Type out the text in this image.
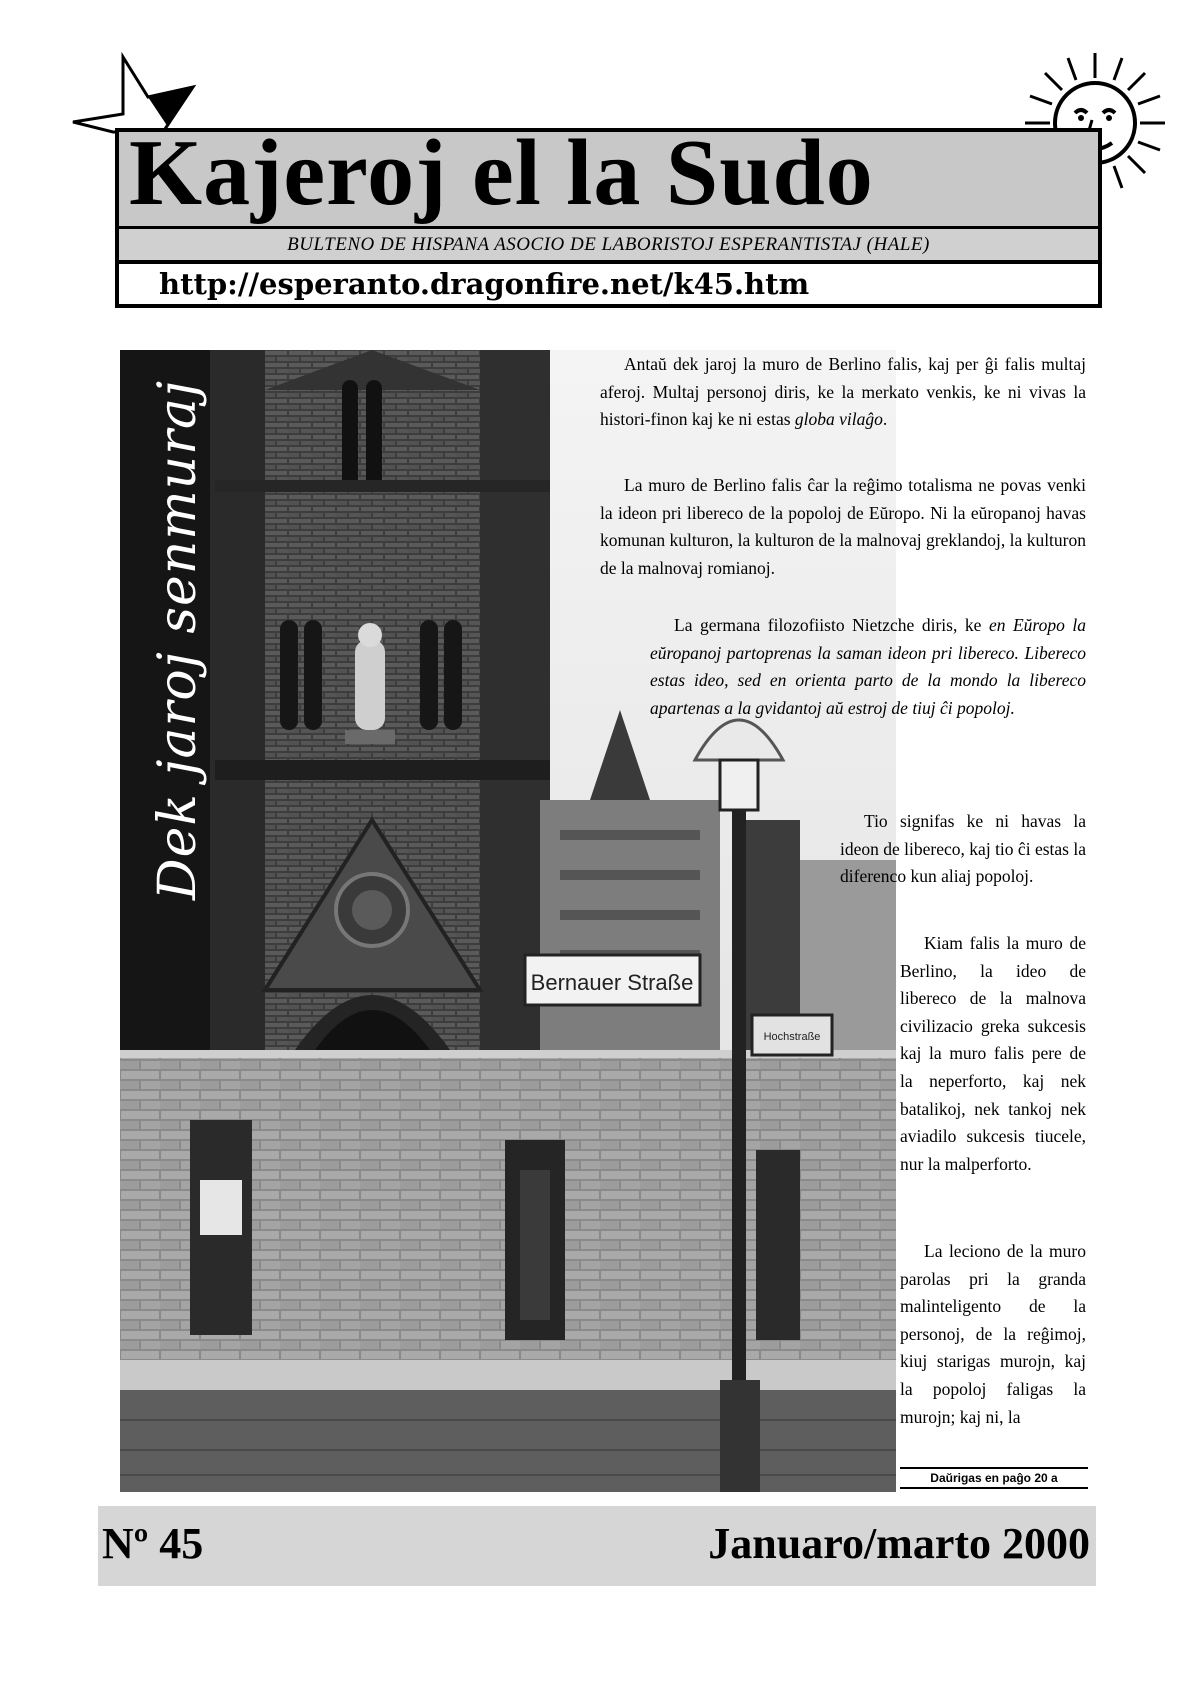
Kajeroj el la Sudo
BULTENO DE HISPANA ASOCIO DE LABORISTOJ ESPERANTISTAJ (HALE)
http://esperanto.dragonfire.net/k45.htm
Bernauer Straße
Hochstraße
Dek jaroj senmuraj

Antaŭ dek jaroj la muro de Berlino falis, kaj per ĝi falis multaj aferoj. Multaj personoj diris, ke la merkato venkis, ke ni vivas la histori-finon kaj ke ni estas globa vilaĝo.

La muro de Berlino falis ĉar la reĝimo totalisma ne povas venki la ideon pri libereco de la popoloj de Eŭropo. Ni la eŭropanoj havas komunan kulturon, la kulturon de la malnovaj greklandoj, la kulturon de la malnovaj romianoj.

La germana filozofiisto Nietzche diris, ke en Eŭropo la eŭropanoj partoprenas la saman ideon pri libereco. Libereco estas ideo, sed en orienta parto de la mondo la libereco apartenas a la gvidantoj aŭ estroj de tiuj ĉi popoloj.

Tio signifas ke ni havas la ideon de libereco, kaj tio ĉi estas la diferenco kun aliaj popoloj.

Kiam falis la muro de Berlino, la ideo de libereco de la malnova civilizacio greka sukcesis kaj la muro falis pere de la neperforto, kaj nek batalikoj, nek tankoj nek aviadilo sukcesis tiucele, nur la malperforto.

La leciono de la muro parolas pri la granda malinteligento de la personoj, de la reĝimoj, kiuj starigas murojn, kaj la popoloj faligas la murojn; kaj ni, la

Daŭrigas en paĝo 20 a
Nº 45	Januaro/marto 2000
